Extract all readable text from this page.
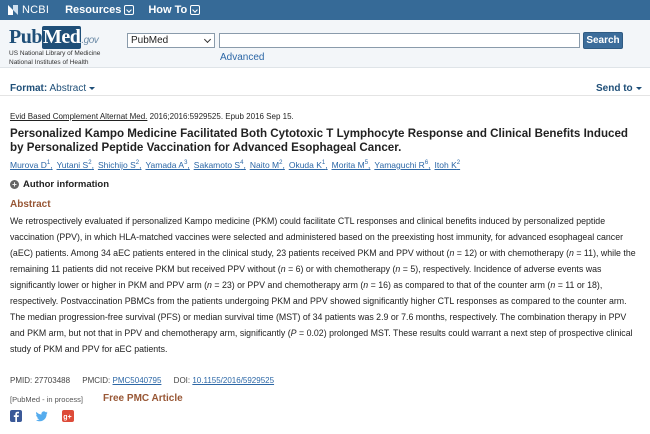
NCBI Resources How To
PubMed.gov
US National Library of Medicine
National Institutes of Health
PubMed	Search
Advanced
Format: Abstract	Send to
Evid Based Complement Alternat Med. 2016;2016:5929525. Epub 2016 Sep 15.
Personalized Kampo Medicine Facilitated Both Cytotoxic T Lymphocyte Response and Clinical Benefits Induced by Personalized Peptide Vaccination for Advanced Esophageal Cancer.
Murova $D^1$, Yutani $S^2$, Shichijo $S^2$, Yamada $A^3$, Sakamoto $S^4$, Naito $M^2$, Okuda $K^1$, Morita $M^5$, Yamaguchi $R^6$, Itoh $K^2$
+ Author information
Abstract
We retrospectively evaluated if personalized Kampo medicine (PKM) could facilitate CTL responses and clinical benefits induced by personalized peptide vaccination (PPV), in which HLA-matched vaccines were selected and administered based on the preexisting host immunity, for advanced esophageal cancer (aEC) patients. Among 34 aEC patients entered in the clinical study, 23 patients received PKM and PPV without (n = 12) or with chemotherapy (n = 11), while the remaining 11 patients did not receive PKM but received PPV without (n = 6) or with chemotherapy (n = 5), respectively. Incidence of adverse events was significantly lower or higher in PKM and PPV arm (n = 23) or PPV and chemotherapy arm (n = 16) as compared to that of the counter arm (n = 11 or 18), respectively. Postvaccination PBMCs from the patients undergoing PKM and PPV showed significantly higher CTL responses as compared to the counter arm. The median progression-free survival (PFS) or median survival time (MST) of 34 patients was 2.9 or 7.6 months, respectively. The combination therapy in PPV and PKM arm, but not that in PPV and chemotherapy arm, significantly (P = 0.02) prolonged MST. These results could warrant a next step of prospective clinical study of PKM and PPV for aEC patients.
PMID: 27703488 PMCID: PMC5040795 DOI: 10.1155/2016/5929525
[PubMed - in process] Free PMC Article
g+
